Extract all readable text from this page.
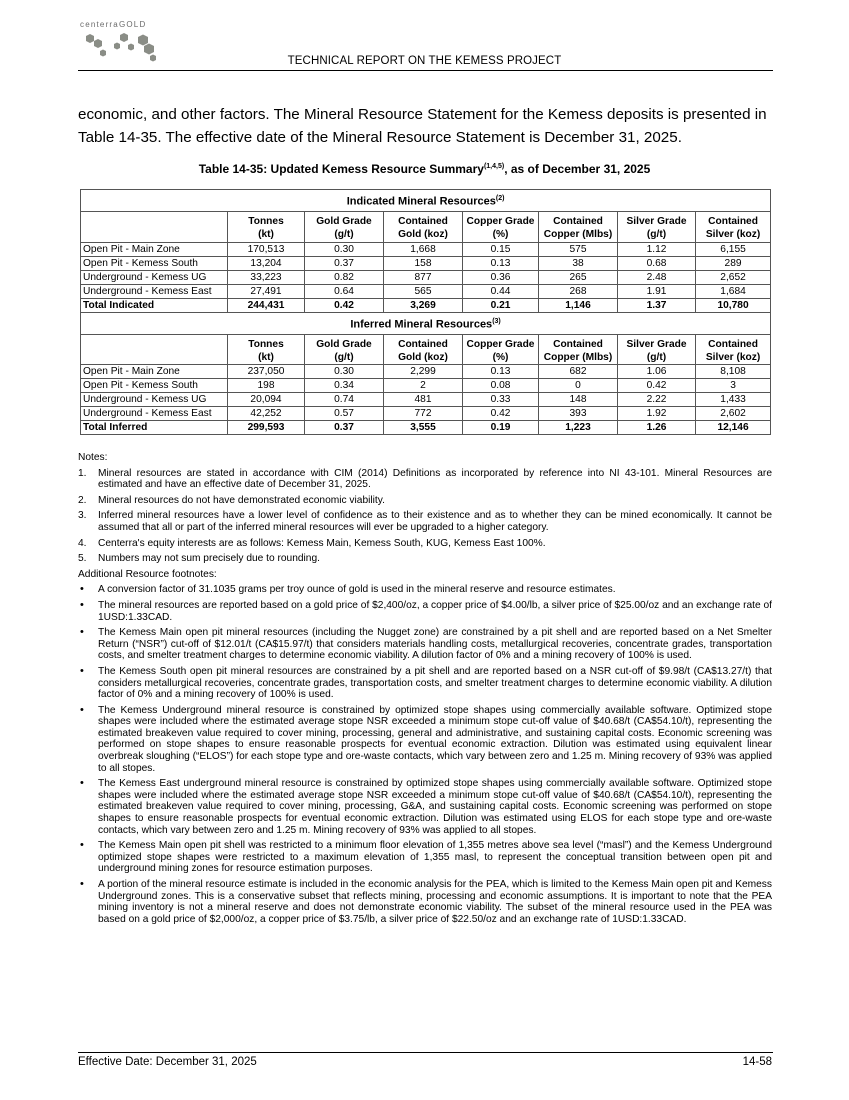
centerraGOLD
TECHNICAL REPORT ON THE KEMESS PROJECT

economic, and other factors. The Mineral Resource Statement for the Kemess deposits is presented in Table 14-35. The effective date of the Mineral Resource Statement is December 31, 2025.

Table 14-35: Updated Kemess Resource Summary$^{(1,4,5)}$, as of December 31, 2025
Indicated Mineral Resources$^{(2)}$
	Tonnes	Gold Grade	Contained	Copper Grade	Contained	Silver Grade	Contained
	(kt)	(g/t)	Gold (koz)	(%)	Copper (Mlbs)	(g/t)	Silver (koz)
Open Pit - Main Zone	170,513	0.30	1,668	0.15	575	1.12	6,155
Open Pit - Kemess South	13,204	0.37	158	0.13	38	0.68	289
Underground - Kemess UG	33,223	0.82	877	0.36	265	2.48	2,652
Underground - Kemess East	27,491	0.64	565	0.44	268	1.91	1,684
Total Indicated	244,431	0.42	3,269	0.21	1,146	1.37	10,780
Inferred Mineral Resources$^{(3)}$
	Tonnes	Gold Grade	Contained	Copper Grade	Contained	Silver Grade	Contained
	(kt)	(g/t)	Gold (koz)	(%)	Copper (Mlbs)	(g/t)	Silver (koz)
Open Pit - Main Zone	237,050	0.30	2,299	0.13	682	1.06	8,108
Open Pit - Kemess South	198	0.34	2	0.08	0	0.42	3
Underground - Kemess UG	20,094	0.74	481	0.33	148	2.22	1,433
Underground - Kemess East	42,252	0.57	772	0.42	393	1.92	2,602
Total Inferred	299,593	0.37	3,555	0.19	1,223	1.26	12,146
Notes:
1. Mineral resources are stated in accordance with CIM (2014) Definitions as incorporated by reference into NI 43-101. Mineral Resources are estimated and have an effective date of December 31, 2025.
2. Mineral resources do not have demonstrated economic viability.
3. Inferred mineral resources have a lower level of confidence as to their existence and as to whether they can be mined economically. It cannot be assumed that all or part of the inferred mineral resources will ever be upgraded to a higher category.
4. Centerra's equity interests are as follows: Kemess Main, Kemess South, KUG, Kemess East 100%.
5. Numbers may not sum precisely due to rounding.
Additional Resource footnotes:
• A conversion factor of 31.1035 grams per troy ounce of gold is used in the mineral reserve and resource estimates.
• The mineral resources are reported based on a gold price of $2,400/oz, a copper price of $4.00/lb, a silver price of $25.00/oz and an exchange rate of 1USD:1.33CAD.
• The Kemess Main open pit mineral resources (including the Nugget zone) are constrained by a pit shell and are reported based on a Net Smelter Return (“NSR”) cut-off of $12.01/t (CA$15.97/t) that considers materials handling costs, metallurgical recoveries, concentrate grades, transportation costs, and smelter treatment charges to determine economic viability. A dilution factor of 0% and a mining recovery of 100% is used.
• The Kemess South open pit mineral resources are constrained by a pit shell and are reported based on a NSR cut-off of $9.98/t (CA$13.27/t) that considers metallurgical recoveries, concentrate grades, transportation costs, and smelter treatment charges to determine economic viability. A dilution factor of 0% and a mining recovery of 100% is used.
• The Kemess Underground mineral resource is constrained by optimized stope shapes using commercially available software. Optimized stope shapes were included where the estimated average stope NSR exceeded a minimum stope cut-off value of $40.68/t (CA$54.10/t), representing the estimated breakeven value required to cover mining, processing, general and administrative, and sustaining capital costs. Economic screening was performed on stope shapes to ensure reasonable prospects for eventual economic extraction. Dilution was estimated using equivalent linear overbreak sloughing (“ELOS”) for each stope type and ore-waste contacts, which vary between zero and 1.25 m. Mining recovery of 93% was applied to all stopes.
• The Kemess East underground mineral resource is constrained by optimized stope shapes using commercially available software. Optimized stope shapes were included where the estimated average stope NSR exceeded a minimum stope cut-off value of $40.68/t (CA$54.10/t), representing the estimated breakeven value required to cover mining, processing, G&A, and sustaining capital costs. Economic screening was performed on stope shapes to ensure reasonable prospects for eventual economic extraction. Dilution was estimated using ELOS for each stope type and ore-waste contacts, which vary between zero and 1.25 m. Mining recovery of 93% was applied to all stopes.
• The Kemess Main open pit shell was restricted to a minimum floor elevation of 1,355 metres above sea level (“masl”) and the Kemess Underground optimized stope shapes were restricted to a maximum elevation of 1,355 masl, to represent the conceptual transition between open pit and underground mining zones for resource estimation purposes.
• A portion of the mineral resource estimate is included in the economic analysis for the PEA, which is limited to the Kemess Main open pit and Kemess Underground zones. This is a conservative subset that reflects mining, processing and economic assumptions. It is important to note that the PEA mining inventory is not a mineral reserve and does not demonstrate economic viability. The subset of the mineral resource used in the PEA was based on a gold price of $2,000/oz, a copper price of $3.75/lb, a silver price of $22.50/oz and an exchange rate of 1USD:1.33CAD.
Effective Date: December 31, 2025	14-58
